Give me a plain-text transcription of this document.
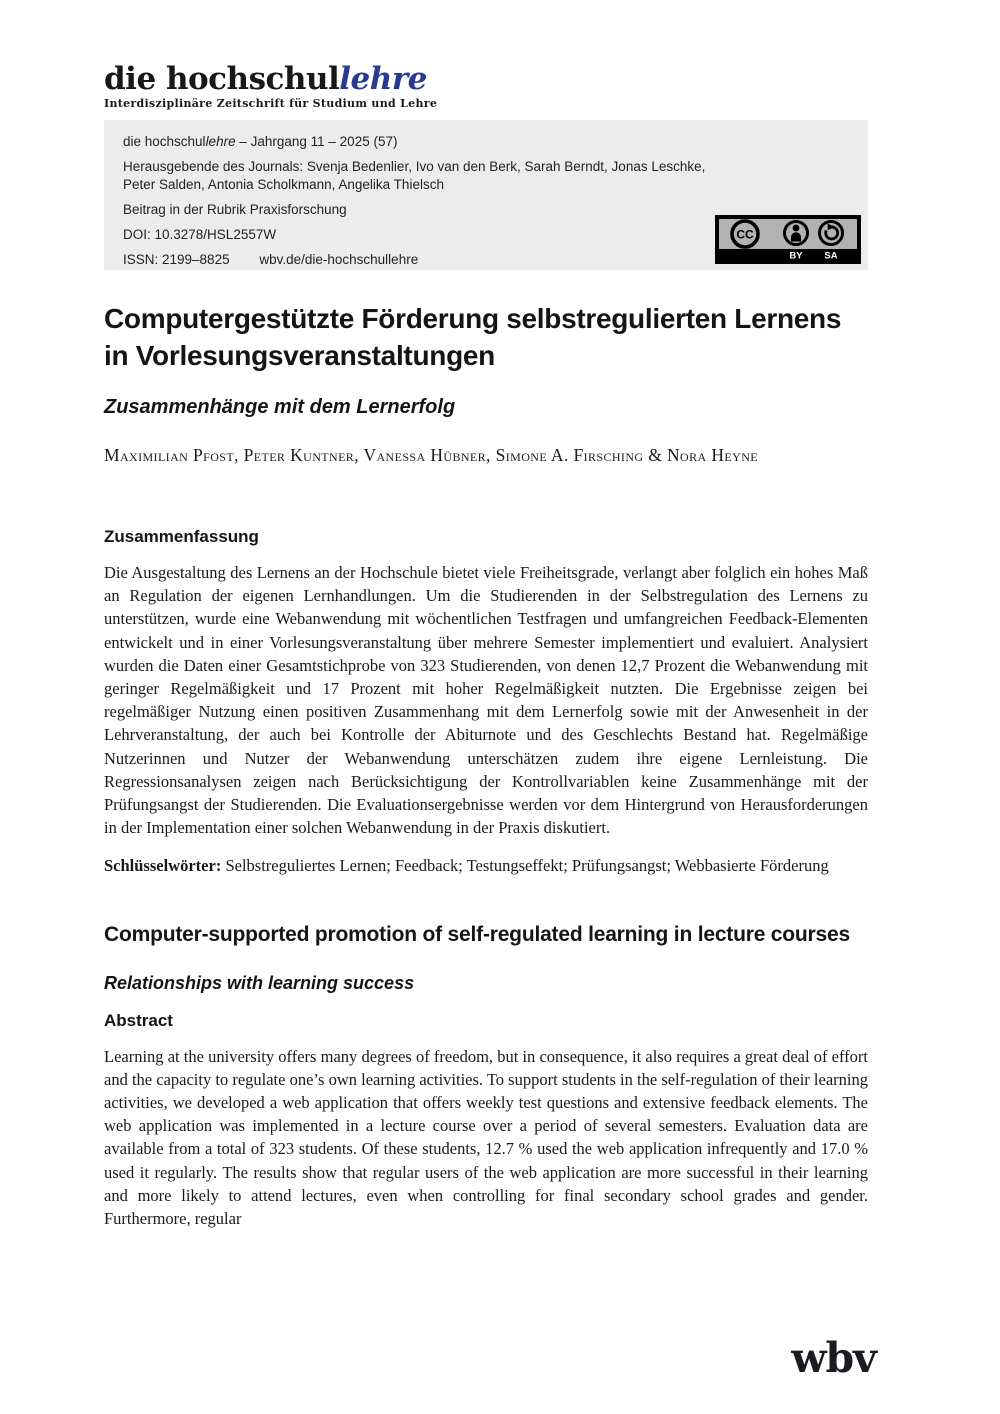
die hochschullehre
Interdisziplinäre Zeitschrift für Studium und Lehre

die hochschullehre – Jahrgang 11 – 2025 (57)

Herausgebende des Journals: Svenja Bedenlier, Ivo van den Berk, Sarah Berndt, Jonas Leschke, Peter Salden, Antonia Scholkmann, Angelika Thielsch

Beitrag in der Rubrik Praxisforschung

DOI: 10.3278/HSL2557W

ISSN: 2199–8825 wbv.de/die-hochschullehre

CC
BY SA
Computergestützte Förderung selbstregulierten Lernens in Vorlesungsveranstaltungen
Zusammenhänge mit dem Lernerfolg
Maximilian Pfost, Peter Kuntner, Vanessa Hübner, Simone A. Firsching & Nora Heyne
Zusammenfassung

Die Ausgestaltung des Lernens an der Hochschule bietet viele Freiheitsgrade, verlangt aber folglich ein hohes Maß an Regulation der eigenen Lernhandlungen. Um die Studierenden in der Selbstregulation des Lernens zu unterstützen, wurde eine Webanwendung mit wöchentlichen Testfragen und umfangreichen Feedback-Elementen entwickelt und in einer Vorlesungsveranstaltung über mehrere Semester implementiert und evaluiert. Analysiert wurden die Daten einer Gesamtstichprobe von 323 Studierenden, von denen 12,7 Prozent die Webanwendung mit geringer Regelmäßigkeit und 17 Prozent mit hoher Regelmäßigkeit nutzten. Die Ergebnisse zeigen bei regelmäßiger Nutzung einen positiven Zusammenhang mit dem Lernerfolg sowie mit der Anwesenheit in der Lehrveranstaltung, der auch bei Kontrolle der Abiturnote und des Geschlechts Bestand hat. Regelmäßige Nutzerinnen und Nutzer der Webanwendung unterschätzen zudem ihre eigene Lernleistung. Die Regressionsanalysen zeigen nach Berücksichtigung der Kontrollvariablen keine Zusammenhänge mit der Prüfungsangst der Studierenden. Die Evaluationsergebnisse werden vor dem Hintergrund von Herausforderungen in der Implementation einer solchen Webanwendung in der Praxis diskutiert.

Schlüsselwörter: Selbstreguliertes Lernen; Feedback; Testungseffekt; Prüfungsangst; Webbasierte Förderung

Computer-supported promotion of self-regulated learning in lecture courses
Relationships with learning success
Abstract

Learning at the university offers many degrees of freedom, but in consequence, it also requires a great deal of effort and the capacity to regulate one’s own learning activities. To support students in the self-regulation of their learning activities, we developed a web application that offers weekly test questions and extensive feedback elements. The web application was implemented in a lecture course over a period of several semesters. Evaluation data are available from a total of 323 students. Of these students, 12.7 % used the web application infrequently and 17.0 % used it regularly. The results show that regular users of the web application are more successful in their learning and more likely to attend lectures, even when controlling for final secondary school grades and gender. Furthermore, regular

wbv
